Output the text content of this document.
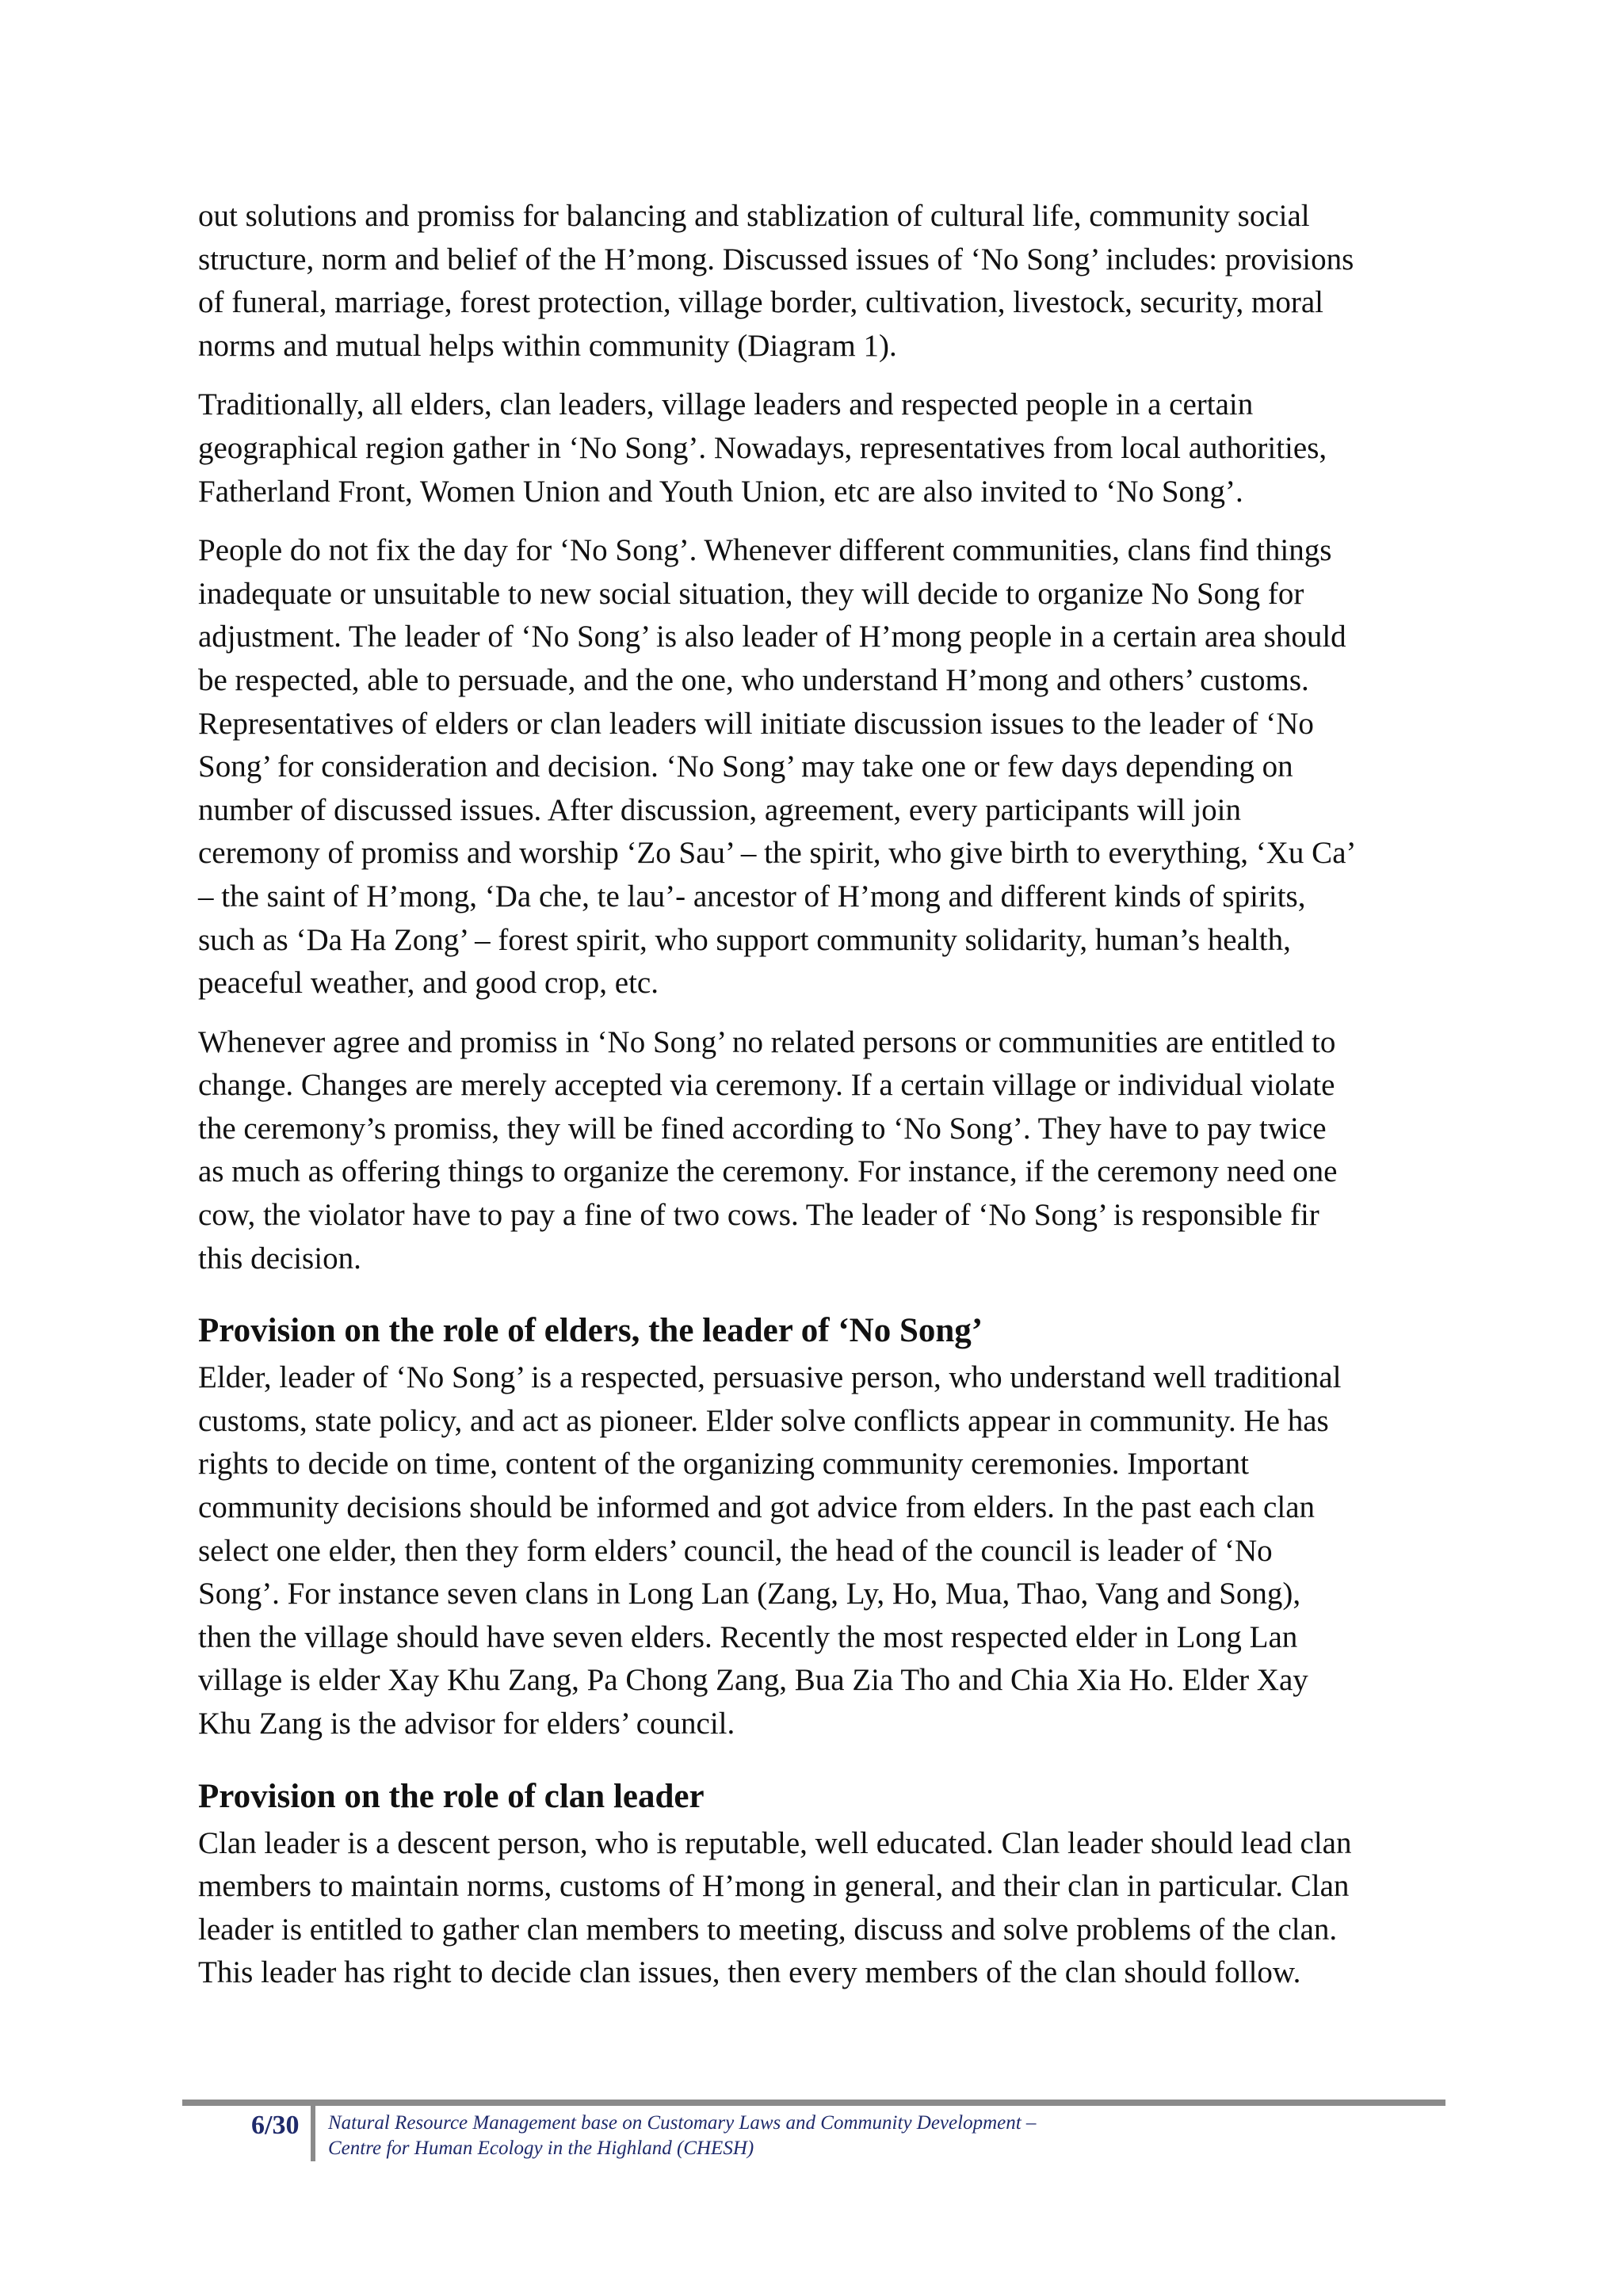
out solutions and promiss for balancing and stablization of cultural life, community social
structure, norm and belief of the H’mong. Discussed issues of ‘No Song’ includes: provisions
of funeral, marriage, forest protection, village border, cultivation, livestock, security, moral
norms and mutual helps within community (Diagram 1).

Traditionally, all elders, clan leaders, village leaders and respected people in a certain
geographical region gather in ‘No Song’. Nowadays, representatives from local authorities,
Fatherland Front, Women Union and Youth Union, etc are also invited to ‘No Song’.

People do not fix the day for ‘No Song’. Whenever different communities, clans find things
inadequate or unsuitable to new social situation, they will decide to organize No Song for
adjustment. The leader of ‘No Song’ is also leader of H’mong people in a certain area should
be respected, able to persuade, and the one, who understand H’mong and others’ customs.
Representatives of elders or clan leaders will initiate discussion issues to the leader of ‘No
Song’ for consideration and decision. ‘No Song’ may take one or few days depending on
number of discussed issues. After discussion, agreement, every participants will join
ceremony of promiss and worship ‘Zo Sau’ – the spirit, who give birth to everything, ‘Xu Ca’
– the saint of H’mong, ‘Da che, te lau’- ancestor of H’mong and different kinds of spirits,
such as ‘Da Ha Zong’ – forest spirit, who support community solidarity, human’s health,
peaceful weather, and good crop, etc.

Whenever agree and promiss in ‘No Song’ no related persons or communities are entitled to
change. Changes are merely accepted via ceremony. If a certain village or individual violate
the ceremony’s promiss, they will be fined according to ‘No Song’. They have to pay twice
as much as offering things to organize the ceremony. For instance, if the ceremony need one
cow, the violator have to pay a fine of two cows. The leader of ‘No Song’ is responsible fir
this decision.

Provision on the role of elders, the leader of ‘No Song’

Elder, leader of ‘No Song’ is a respected, persuasive person, who understand well traditional
customs, state policy, and act as pioneer. Elder solve conflicts appear in community. He has
rights to decide on time, content of the organizing community ceremonies. Important
community decisions should be informed and got advice from elders. In the past each clan
select one elder, then they form elders’ council, the head of the council is leader of ‘No
Song’. For instance seven clans in Long Lan (Zang, Ly, Ho, Mua, Thao, Vang and Song),
then the village should have seven elders. Recently the most respected elder in Long Lan
village is elder Xay Khu Zang, Pa Chong Zang, Bua Zia Tho and Chia Xia Ho. Elder Xay
Khu Zang is the advisor for elders’ council.

Provision on the role of clan leader

Clan leader is a descent person, who is reputable, well educated. Clan leader should lead clan
members to maintain norms, customs of H’mong in general, and their clan in particular. Clan
leader is entitled to gather clan members to meeting, discuss and solve problems of the clan.
This leader has right to decide clan issues, then every members of the clan should follow.

6/30 Natural Resource Management base on Customary Laws and Community Development –
Centre for Human Ecology in the Highland (CHESH)
